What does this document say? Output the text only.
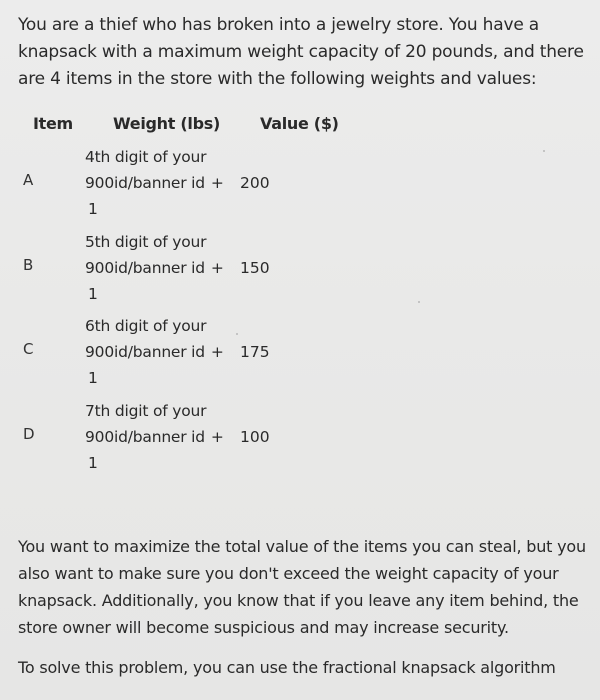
You are a thief who has broken into a jewelry store. You have a knapsack with a maximum weight capacity of 20 pounds, and there are 4 items in the store with the following weights and values:

Item	Weight (lbs)	Value ($)
A
4th digit of your
900id/banner id +
1
200
B
5th digit of your
900id/banner id +
1
150
C
6th digit of your
900id/banner id +
1
175
D
7th digit of your
900id/banner id +
1
100

You want to maximize the total value of the items you can steal, but you also want to make sure you don't exceed the weight capacity of your knapsack. Additionally, you know that if you leave any item behind, the store owner will become suspicious and may increase security.

To solve this problem, you can use the fractional knapsack algorithm
